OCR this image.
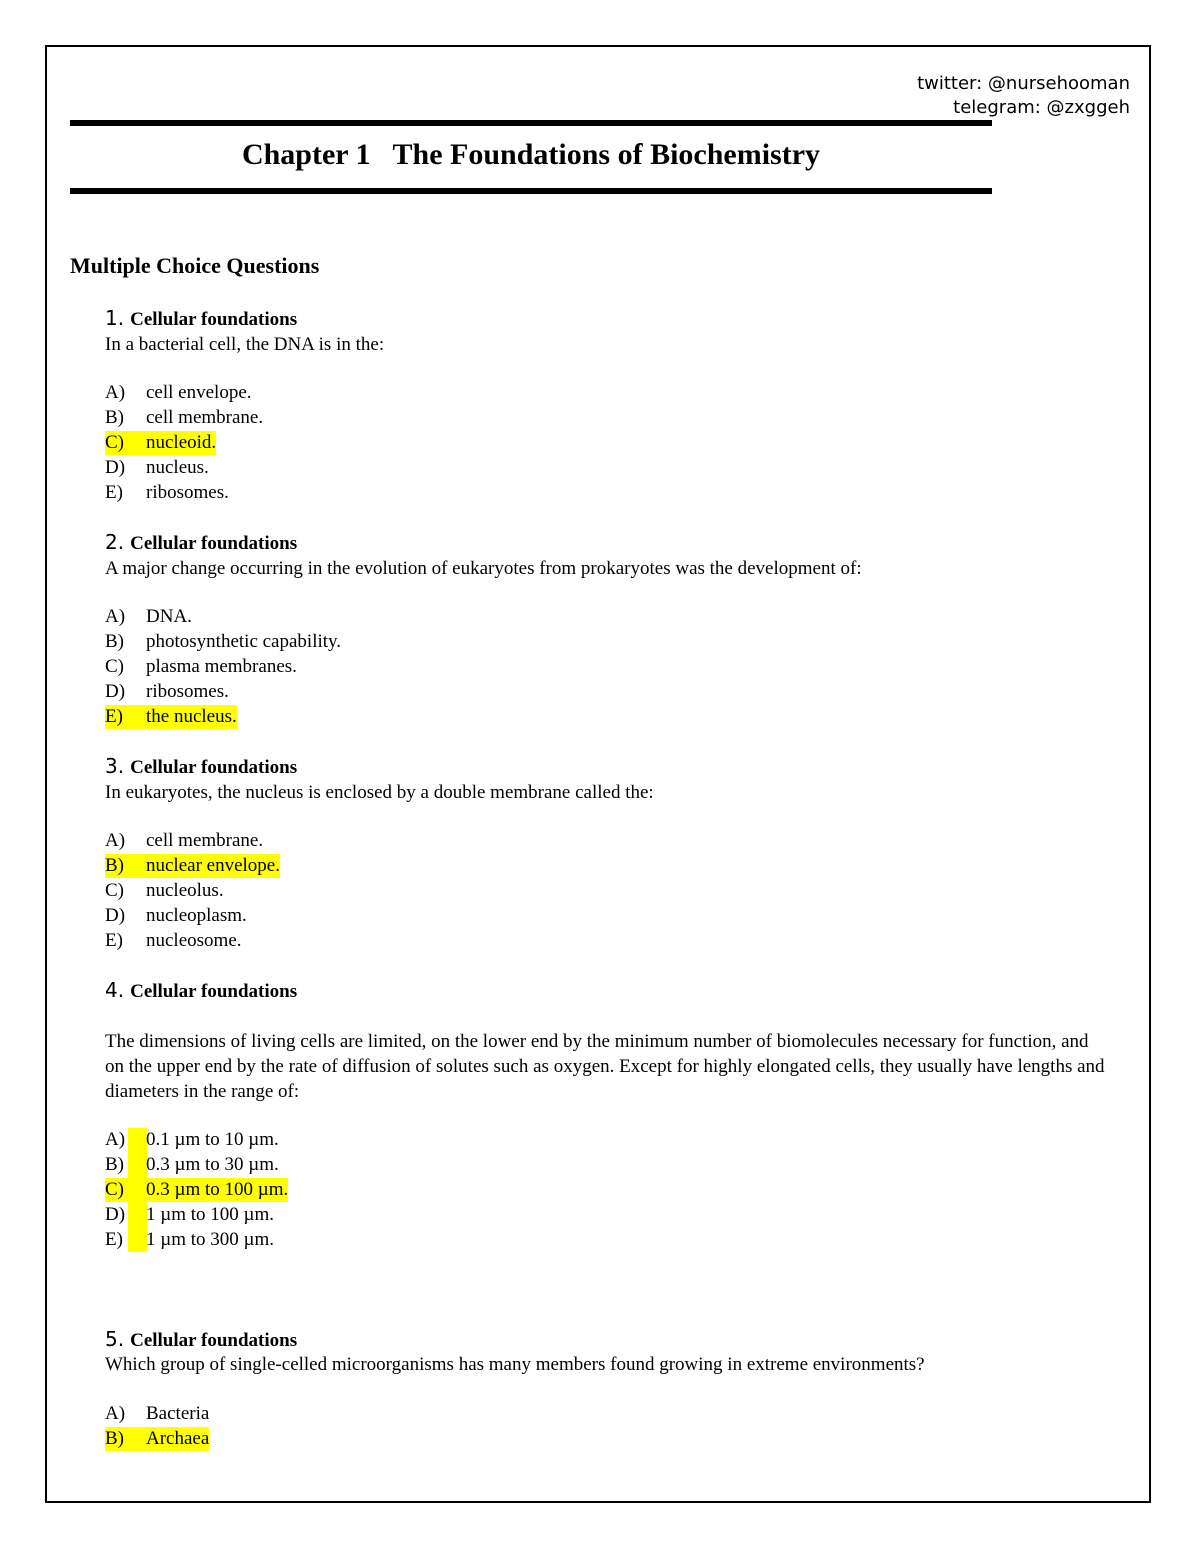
twitter: @nursehooman
telegram: @zxggeh
Chapter 1   The Foundations of Biochemistry
Multiple Choice Questions
1. Cellular foundations
In a bacterial cell, the DNA is in the:
A) cell envelope.
B) cell membrane.
C) nucleoid.
D) nucleus.
E) ribosomes.
2. Cellular foundations
A major change occurring in the evolution of eukaryotes from prokaryotes was the development of:
A) DNA.
B) photosynthetic capability.
C) plasma membranes.
D) ribosomes.
E) the nucleus.
3. Cellular foundations
In eukaryotes, the nucleus is enclosed by a double membrane called the:
A) cell membrane.
B) nuclear envelope.
C) nucleolus.
D) nucleoplasm.
E) nucleosome.
4. Cellular foundations
The dimensions of living cells are limited, on the lower end by the minimum number of biomolecules necessary for function, and on the upper end by the rate of diffusion of solutes such as oxygen. Except for highly elongated cells, they usually have lengths and diameters in the range of:
A) 0.1 µm to 10 µm.
B) 0.3 µm to 30 µm.
C) 0.3 µm to 100 µm.
D) 1 µm to 100 µm.
E) 1 µm to 300 µm.
5. Cellular foundations
Which group of single-celled microorganisms has many members found growing in extreme environments?
A) Bacteria
B) Archaea
